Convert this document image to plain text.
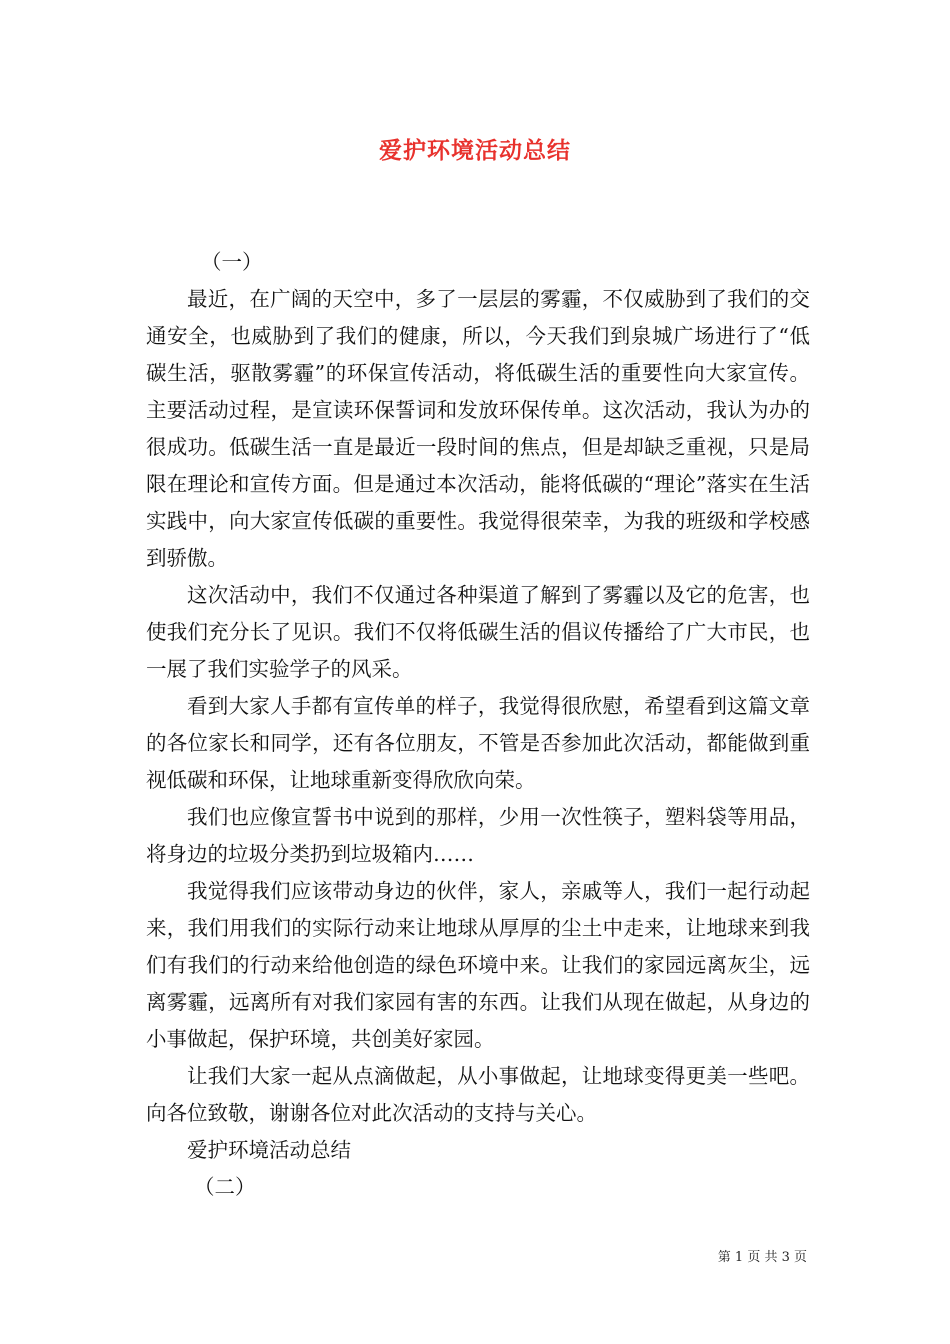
爱护环境活动总结

（一）

最近，在广阔的天空中，多了一层层的雾霾，不仅威胁到了我们的交通安全，也威胁到了我们的健康，所以，今天我们到泉城广场进行了“低碳生活，驱散雾霾”的环保宣传活动，将低碳生活的重要性向大家宣传。主要活动过程，是宣读环保誓词和发放环保传单。这次活动，我认为办的很成功。低碳生活一直是最近一段时间的焦点，但是却缺乏重视，只是局限在理论和宣传方面。但是通过本次活动，能将低碳的“理论”落实在生活实践中，向大家宣传低碳的重要性。我觉得很荣幸，为我的班级和学校感到骄傲。

这次活动中，我们不仅通过各种渠道了解到了雾霾以及它的危害，也使我们充分长了见识。我们不仅将低碳生活的倡议传播给了广大市民，也一展了我们实验学子的风采。

看到大家人手都有宣传单的样子，我觉得很欣慰，希望看到这篇文章的各位家长和同学，还有各位朋友，不管是否参加此次活动，都能做到重视低碳和环保，让地球重新变得欣欣向荣。

我们也应像宣誓书中说到的那样，少用一次性筷子，塑料袋等用品，将身边的垃圾分类扔到垃圾箱内……

我觉得我们应该带动身边的伙伴，家人，亲戚等人，我们一起行动起来，我们用我们的实际行动来让地球从厚厚的尘土中走来，让地球来到我们有我们的行动来给他创造的绿色环境中来。让我们的家园远离灰尘，远离雾霾，远离所有对我们家园有害的东西。让我们从现在做起，从身边的小事做起，保护环境，共创美好家园。

让我们大家一起从点滴做起，从小事做起，让地球变得更美一些吧。向各位致敬，谢谢各位对此次活动的支持与关心。

爱护环境活动总结

（二）

第 1 页 共 3 页
